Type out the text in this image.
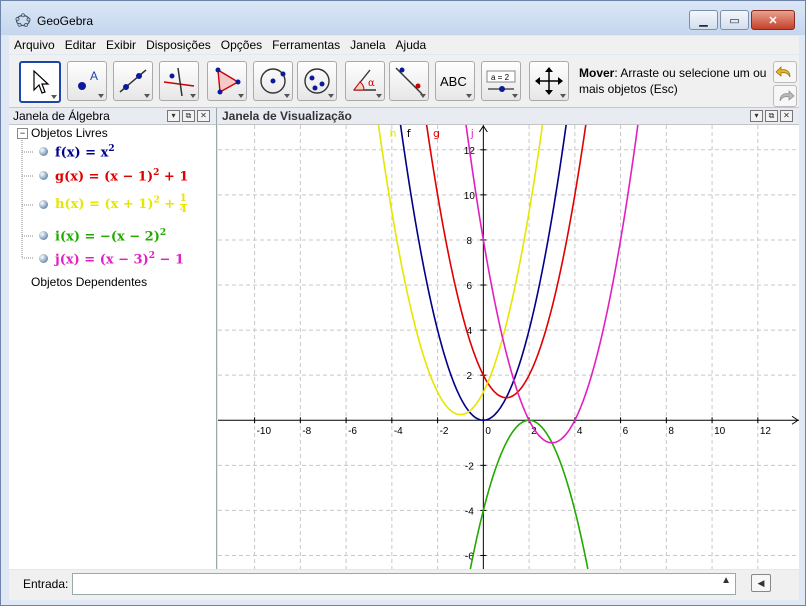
GeoGebra	▁ ▭	✕
Arquivo Editar Exibir Disposições Opções Ferramentas Janela Ajuda
A
α	ABC	a = 2	Mover: Arraste ou selecione um ou mais objetos (Esc)
Janela de Álgebra	▾	⧉	✕
− Objetos Livres
$f(x) = x^2$
$g(x) = (x - 1)^2 + 1$
$h(x) = (x + 1)^2 + \frac{1}{4}$
$i(x) = -(x - 2)^2$
$j(x) = (x - 3)^2 - 1$
Objetos Dependentes
Janela de Visualização	▾	⧉	✕
-10	-8	-6	-4	-2	0	2	4	6	8	10	12
-6
-4
-2
2
4
6
8
10
12
h f g	j
Entrada:	▲	◀
